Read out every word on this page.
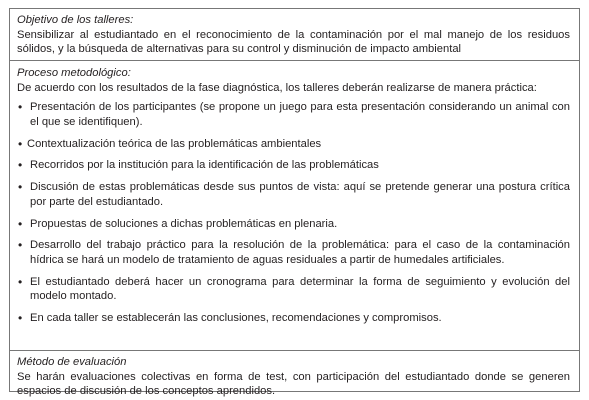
Objetivo de los talleres:

Sensibilizar al estudiantado en el reconocimiento de la contaminación por el mal manejo de los residuos sólidos, y la búsqueda de alternativas para su control y disminución de impacto ambiental

Proceso metodológico:

De acuerdo con los resultados de la fase diagnóstica, los talleres deberán realizarse de manera práctica:

• Presentación de los participantes (se propone un juego para esta presentación considerando un animal con el que se identifiquen).
• Contextualización teórica de las problemáticas ambientales
• Recorridos por la institución para la identificación de las problemáticas
• Discusión de estas problemáticas desde sus puntos de vista: aquí se pretende generar una postura crítica por parte del estudiantado.
• Propuestas de soluciones a dichas problemáticas en plenaria.
• Desarrollo del trabajo práctico para la resolución de la problemática: para el caso de la contaminación hídrica se hará un modelo de tratamiento de aguas residuales a partir de humedales artificiales.
• El estudiantado deberá hacer un cronograma para determinar la forma de seguimiento y evolución del modelo montado.
• En cada taller se establecerán las conclusiones, recomendaciones y compromisos.
Método de evaluación

Se harán evaluaciones colectivas en forma de test, con participación del estudiantado donde se generen espacios de discusión de los conceptos aprendidos.
